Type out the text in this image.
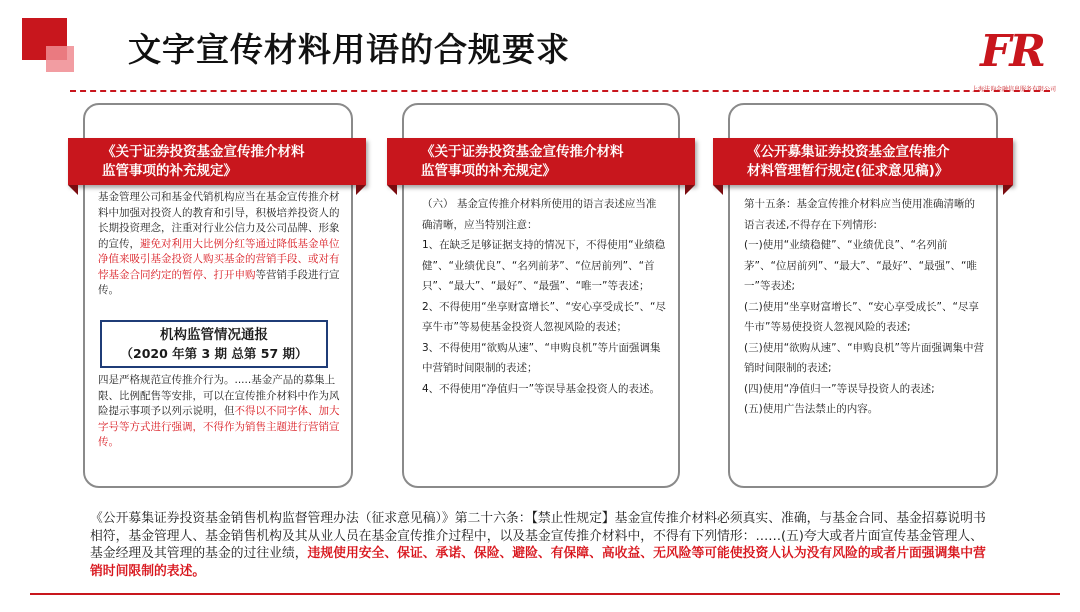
文字宣传材料用语的合规要求	FR
上海法询金融信息服务有限公司
《关于证券投资基金宣传推介材料
监管事项的补充规定》
基金管理公司和基金代销机构应当在基金宣传推介材料中加强对投资人的教育和引导，积极培养投资人的长期投资理念，注重对行业公信力及公司品牌、形象的宣传，避免对利用大比例分红等通过降低基金单位净值来吸引基金投资人购买基金的营销手段、或对有悖基金合同约定的暂停、打开申购等营销手段进行宣传。
机构监管情况通报
（2020 年第 3 期 总第 57 期）
四是严格规范宣传推介行为。.....基金产品的募集上限、比例配售等安排，可以在宣传推介材料中作为风险提示事项予以列示说明，但不得以不同字体、加大字号等方式进行强调，不得作为销售主题进行营销宣传。
《关于证券投资基金宣传推介材料
监管事项的补充规定》
（六） 基金宣传推介材料所使用的语言表述应当准确清晰，应当特别注意：
1、在缺乏足够证据支持的情况下，不得使用“业绩稳健”、“业绩优良”、“名列前茅”、“位居前列”、“首只”、“最大”、“最好”、“最强”、“唯一”等表述；
2、不得使用“坐享财富增长”、“安心享受成长”、“尽享牛市”等易使基金投资人忽视风险的表述；
3、不得使用“欲购从速”、“申购良机”等片面强调集中营销时间限制的表述；
4、不得使用“净值归一”等误导基金投资人的表述。
《公开募集证券投资基金宣传推介
材料管理暂行规定(征求意见稿)》
第十五条：基金宣传推介材料应当使用准确清晰的语言表述,不得存在下列情形:
(一)使用“业绩稳健”、“业绩优良”、“名列前茅”、“位居前列”、“最大”、“最好”、“最强”、“唯一”等表述;
(二)使用“坐享财富增长”、“安心享受成长”、“尽享牛市”等易使投资人忽视风险的表述;
(三)使用“欲购从速”、“申购良机”等片面强调集中营销时间限制的表述;
(四)使用“净值归一”等误导投资人的表述;
(五)使用广告法禁止的内容。
《公开募集证券投资基金销售机构监督管理办法（征求意见稿）》第二十六条：【禁止性规定】基金宣传推介材料必须真实、准确，与基金合同、基金招募说明书相符，基金管理人、基金销售机构及其从业人员在基金宣传推介过程中，以及基金宣传推介材料中，不得有下列情形：……(五)夸大或者片面宣传基金管理人、基金经理及其管理的基金的过往业绩，违规使用安全、保证、承诺、保险、避险、有保障、高收益、无风险等可能使投资人认为没有风险的或者片面强调集中营销时间限制的表述。
